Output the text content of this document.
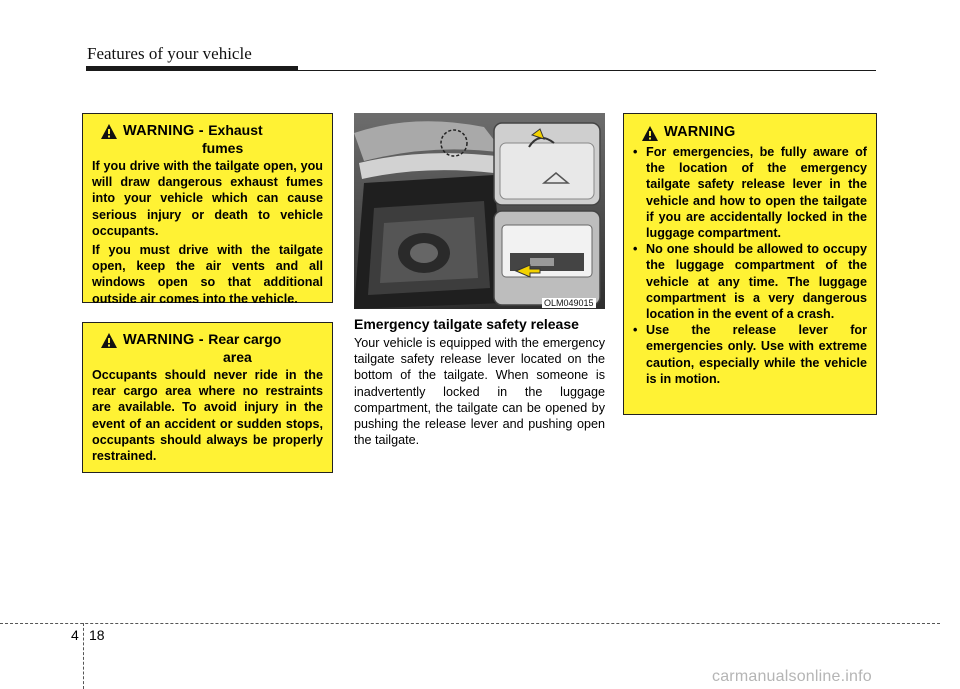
Features of your vehicle
WARNING - Exhaust
fumes

If you drive with the tailgate open, you will draw dangerous exhaust fumes into your vehicle which can cause serious injury or death to vehicle occupants.

If you must drive with the tailgate open, keep the air vents and all windows open so that additional outside air comes into the vehicle.

WARNING - Rear cargo
area

Occupants should never ride in the rear cargo area where no restraints are available. To avoid injury in the event of an accident or sudden stops, occupants should always be properly restrained.

OLM049015
Emergency tailgate safety release
Your vehicle is equipped with the emergency tailgate safety release lever located on the bottom of the tailgate. When someone is inadvertently locked in the luggage compartment, the tailgate can be opened by pushing the release lever and pushing open the tailgate.
WARNING
• For emergencies, be fully aware of the location of the emergency tailgate safety release lever in the vehicle and how to open the tailgate if you are accidentally locked in the luggage compartment.
• No one should be allowed to occupy the luggage compartment of the vehicle at any time. The luggage compartment is a very dangerous location in the event of a crash.
• Use the release lever for emergencies only. Use with extreme caution, especially while the vehicle is in motion.
4 18
carmanualsonline.info
